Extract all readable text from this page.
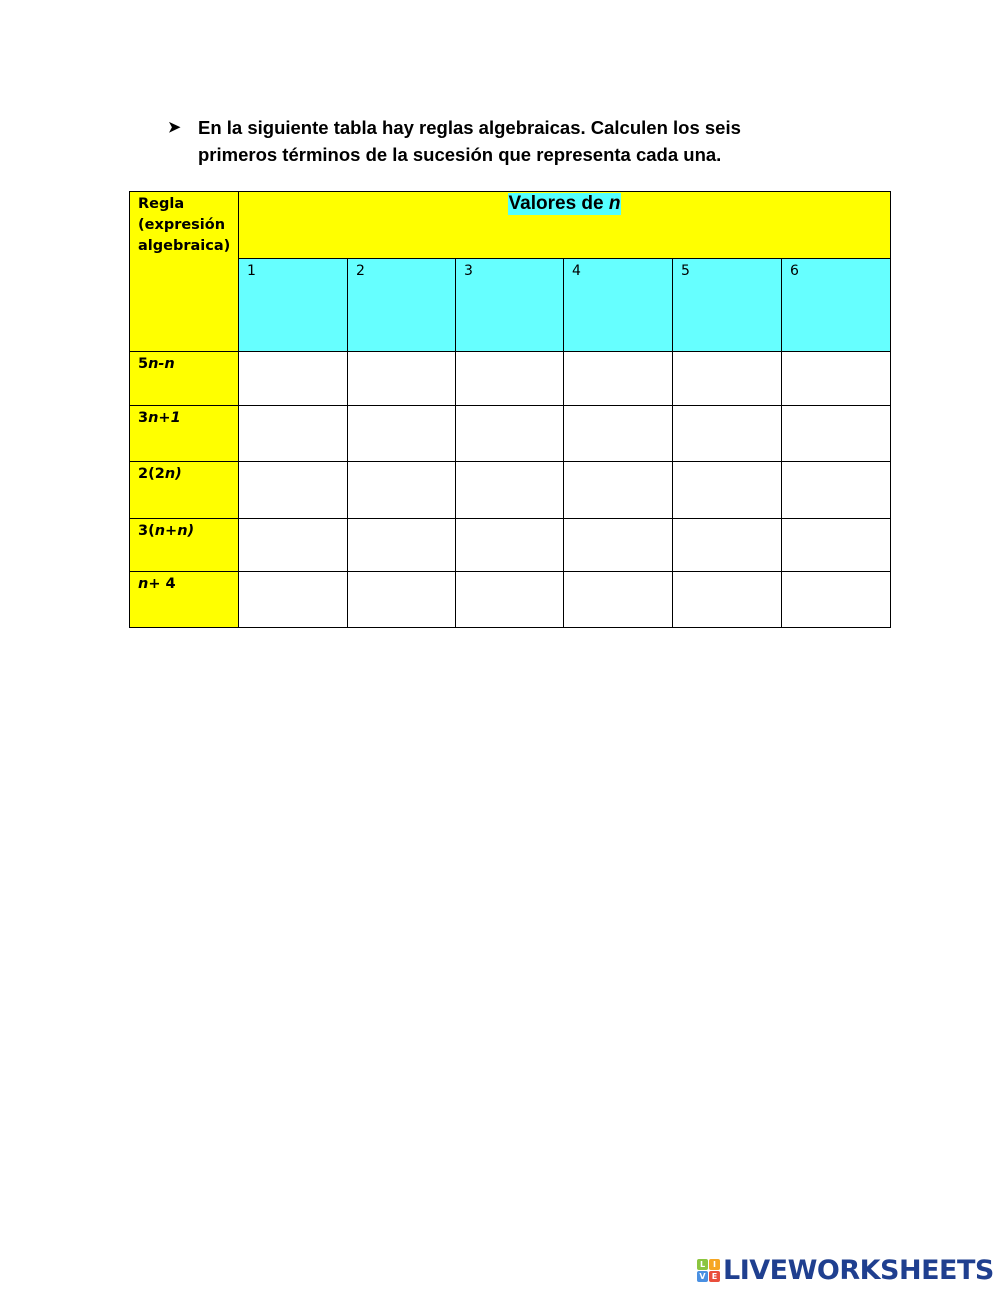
➤ En la siguiente tabla hay reglas algebraicas. Calculen los seis
primeros términos de la sucesión que representa cada una.
Regla
(expresión
algebraica)	Valores de n					
	1	2	3	4	5	6
5n-n						
3n+1						
2(2n)						
3(n+n)						
n+ 4						
L I
V E LIVEWORKSHEETS
